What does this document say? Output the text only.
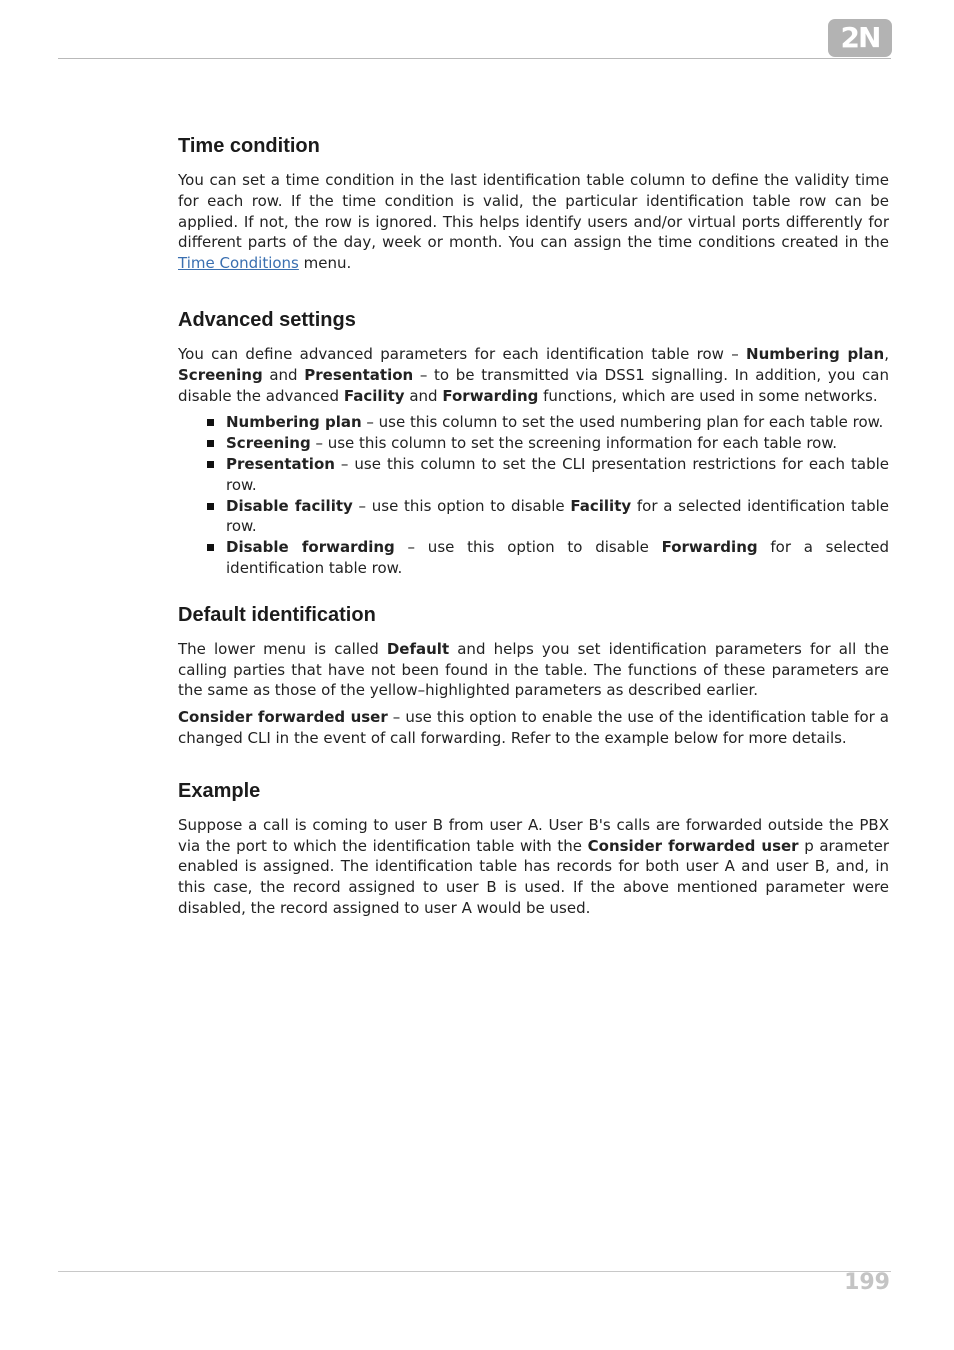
2N
Time condition

You can set a time condition in the last identification table column to define the validity time for each row. If the time condition is valid, the particular identification table row can be applied. If not, the row is ignored. This helps identify users and/or virtual ports differently for different parts of the day, week or month. You can assign the time conditions created in the Time Conditions menu.

Advanced settings

You can define advanced parameters for each identification table row – Numbering plan, Screening and Presentation – to be transmitted via DSS1 signalling. In addition, you can disable the advanced Facility and Forwarding functions, which are used in some networks.

Numbering plan – use this column to set the used numbering plan for each table row.
Screening – use this column to set the screening information for each table row.
Presentation – use this column to set the CLI presentation restrictions for each table row.
Disable facility – use this option to disable Facility for a selected identification table row.
Disable forwarding – use this option to disable Forwarding for a selected identification table row.
Default identification

The lower menu is called Default and helps you set identification parameters for all the calling parties that have not been found in the table. The functions of these parameters are the same as those of the yellow–highlighted parameters as described earlier.

Consider forwarded user – use this option to enable the use of the identification table for a changed CLI in the event of call forwarding. Refer to the example below for more details.

Example

Suppose a call is coming to user B from user A. User B's calls are forwarded outside the PBX via the port to which the identification table with the Consider forwarded user p arameter enabled is assigned. The identification table has records for both user A and user B, and, in this case, the record assigned to user B is used. If the above mentioned parameter were disabled, the record assigned to user A would be used.

199
